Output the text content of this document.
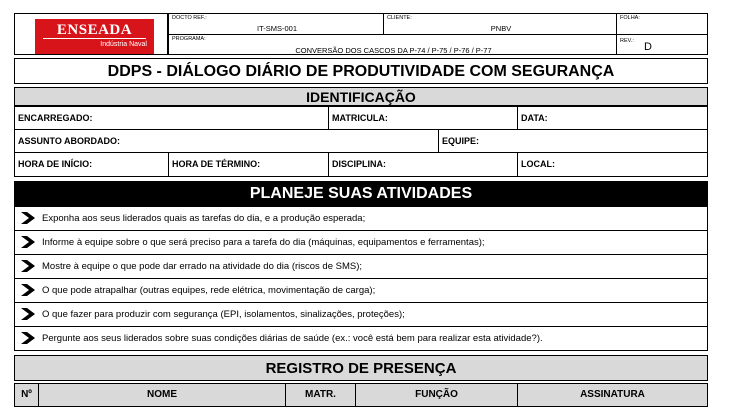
ENSEADA
Indústria Naval
DOCTO REF.:
IT-SMS-001
CLIENTE:
PNBV
FOLHA:
PROGRAMA:
CONVERSÃO DOS CASCOS DA P-74 / P-75 / P-76 / P-77
REV.: D
DDPS - DIÁLOGO DIÁRIO DE PRODUTIVIDADE COM SEGURANÇA
IDENTIFICAÇÃO
ENCARREGADO:	MATRICULA:	DATA:
ASSUNTO ABORDADO:	EQUIPE:
HORA DE INÍCIO:	HORA DE TÉRMINO:	DISCIPLINA:	LOCAL:
PLANEJE SUAS ATIVIDADES
Exponha aos seus liderados quais as tarefas do dia, e a produção esperada;
Informe à equipe sobre o que será preciso para a tarefa do dia (máquinas, equipamentos e ferramentas);
Mostre à equipe o que pode dar errado na atividade do dia (riscos de SMS);
O que pode atrapalhar (outras equipes, rede elétrica, movimentação de carga);
O que fazer para produzir com segurança (EPI, isolamentos, sinalizações, proteções);
Pergunte aos seus liderados sobre suas condições diárias de saúde (ex.: você está bem para realizar esta atividade?).
REGISTRO DE PRESENÇA
Nº	NOME	MATR.	FUNÇÃO	ASSINATURA
